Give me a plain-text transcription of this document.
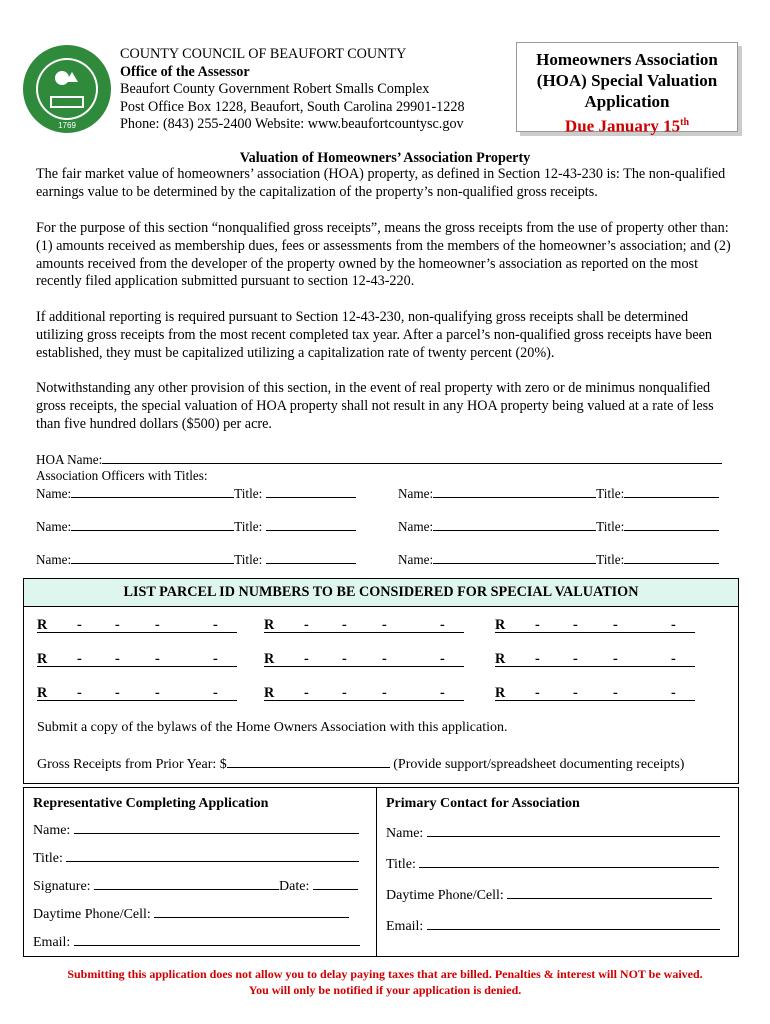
1769
COUNTY COUNCIL OF BEAUFORT COUNTY
Office of the Assessor
Beaufort County Government Robert Smalls Complex
Post Office Box 1228, Beaufort, South Carolina 29901-1228
Phone: (843) 255-2400 Website: www.beaufortcountysc.gov
Homeowners Association
(HOA) Special Valuation
Application
Due January 15th
Valuation of Homeowners’ Association Property
The fair market value of homeowners’ association (HOA) property, as defined in Section 12-43-230 is: The non-qualified earnings value to be determined by the capitalization of the property’s non-qualified gross receipts.
For the purpose of this section “nonqualified gross receipts”, means the gross receipts from the use of property other than: (1) amounts received as membership dues, fees or assessments from the members of the homeowner’s association; and (2) amounts received from the developer of the property owned by the homeowner’s association as reported on the most recently filed application submitted pursuant to section 12-43-220.
If additional reporting is required pursuant to Section 12-43-230, non-qualifying gross receipts shall be determined utilizing gross receipts from the most recent completed tax year. After a parcel’s non-qualified gross receipts have been established, they must be capitalized utilizing a capitalization rate of twenty percent (20%).
Notwithstanding any other provision of this section, in the event of real property with zero or de minimus nonqualified gross receipts, the special valuation of HOA property shall not result in any HOA property being valued at a rate of less than five hundred dollars ($500) per acre.
HOA Name:
Association Officers with Titles:
Name:	Title:	Name:	Title:
Name:	Title:	Name:	Title:
Name:	Title:	Name:	Title:
LIST PARCEL ID NUMBERS TO BE CONSIDERED FOR SPECIAL VALUATION
R - - -	-	R - - -	-	R - - -	-
R - - -	-	R - - -	-	R - - -	-
R - - -	-	R - - -	-	R - - -	-
Submit a copy of the bylaws of the Home Owners Association with this application.
Gross Receipts from Prior Year: $	(Provide support/spreadsheet documenting receipts)
Representative Completing Application
Name:
Title:
Signature:	Date:
Daytime Phone/Cell:
Email:
Primary Contact for Association
Name:
Title:
Daytime Phone/Cell:
Email:
Submitting this application does not allow you to delay paying taxes that are billed. Penalties & interest will NOT be waived.
You will only be notified if your application is denied.
